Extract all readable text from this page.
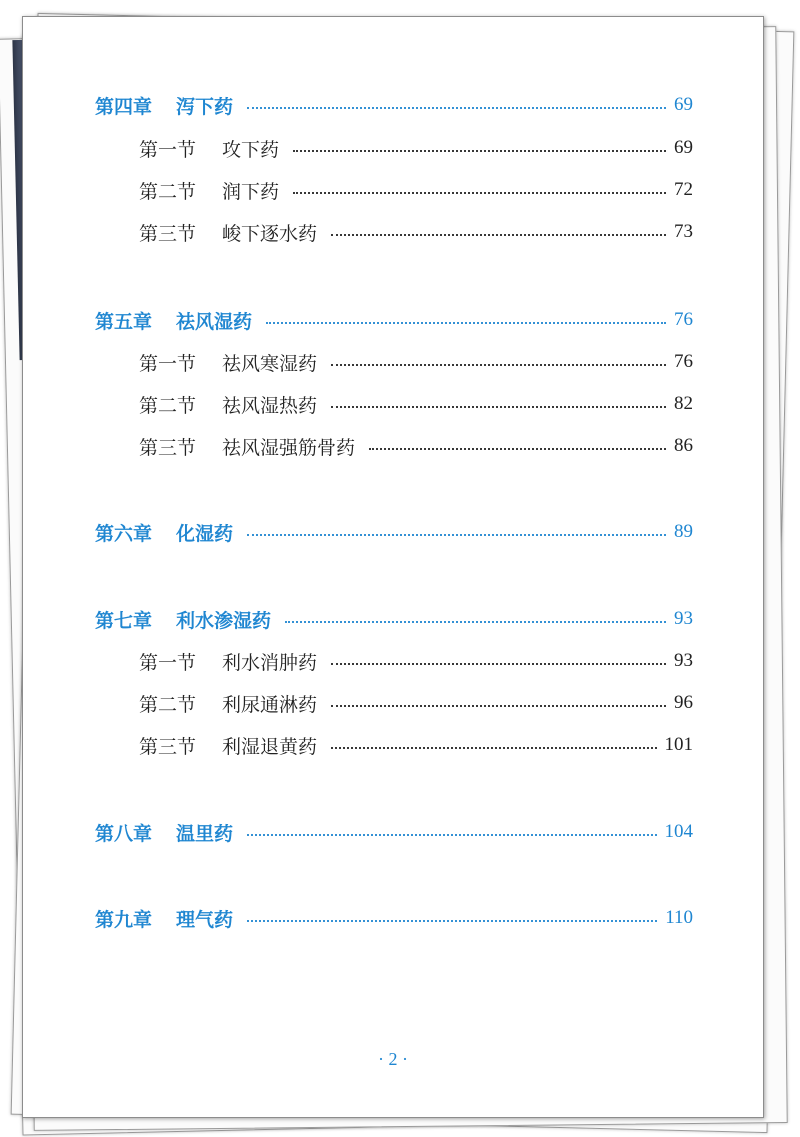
第四章 泻下药	69
第一节 攻下药	69
第二节 润下药	72
第三节 峻下逐水药	73
第五章 祛风湿药	76
第一节 祛风寒湿药	76
第二节 祛风湿热药	82
第三节 祛风湿强筋骨药	86
第六章 化湿药	89
第七章 利水渗湿药	93
第一节 利水消肿药	93
第二节 利尿通淋药	96
第三节 利湿退黄药	101
第八章 温里药	104
第九章 理气药	110
· 2 ·
